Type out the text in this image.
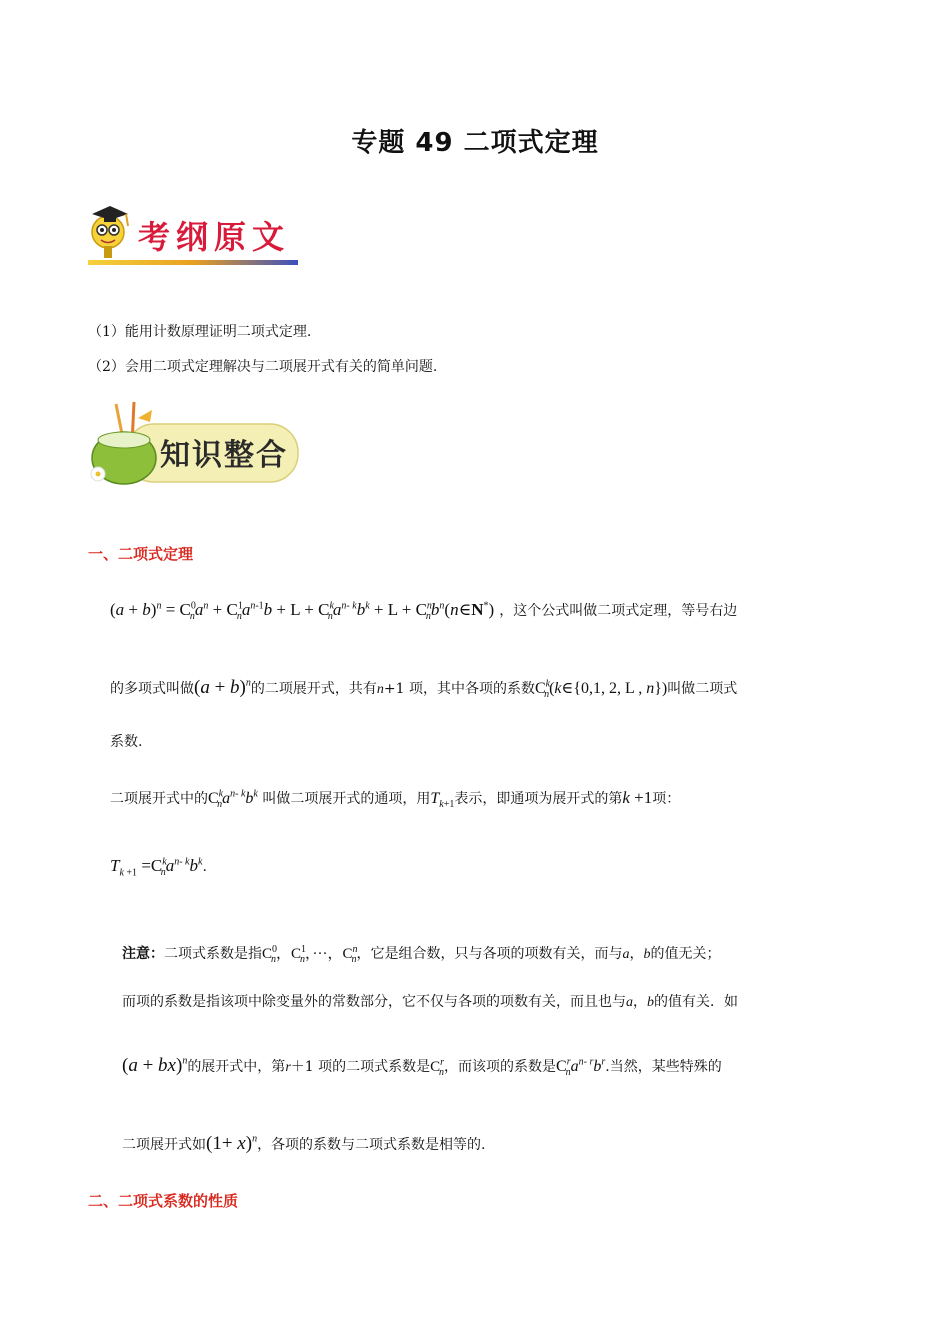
专题 49 二项式定理
考纲原文
（1）能用计数原理证明二项式定理.
（2）会用二项式定理解决与二项展开式有关的简单问题.
知识整合
一、二项式定理
$(a + b)^n = C^0_na^n + C^1_na^{n-1}b + L + C^k_na^{n- k}b^k + L$ + $C^n_nb^n(n\in N^*)$ ，这个公式叫做二项式定理，等号右边
的多项式叫做$(a + b)^n$的二项展开式，共有n+1 项，其中各项的系数$C^k_n(k\in\{0,1$, 2, L , n})叫做二项式
系数.
二项展开式中的$C^k_na^{n- k}b^k$ 叫做二项展开式的通项，用$T_{k+1}$表示，即通项为展开式的第k +1项：
$T_{k +1} =C^k_na^{n- k}b^k$.
注意：二项式系数是指$C^0_n$，$C^1_n$，···，$C^n_n$，它是组合数，只与各项的项数有关，而与a，b的值无关；
而项的系数是指该项中除变量外的常数部分，它不仅与各项的项数有关，而且也与a，b的值有关．如
(a + bx)$^n$的展开式中，第r＋1 项的二项式系数是$C^r_n$，而该项的系数是$C^r_na^{n- r}b^r$.当然，某些特殊的
二项展开式如$(1+ x)^n$，各项的系数与二项式系数是相等的.
二、二项式系数的性质
